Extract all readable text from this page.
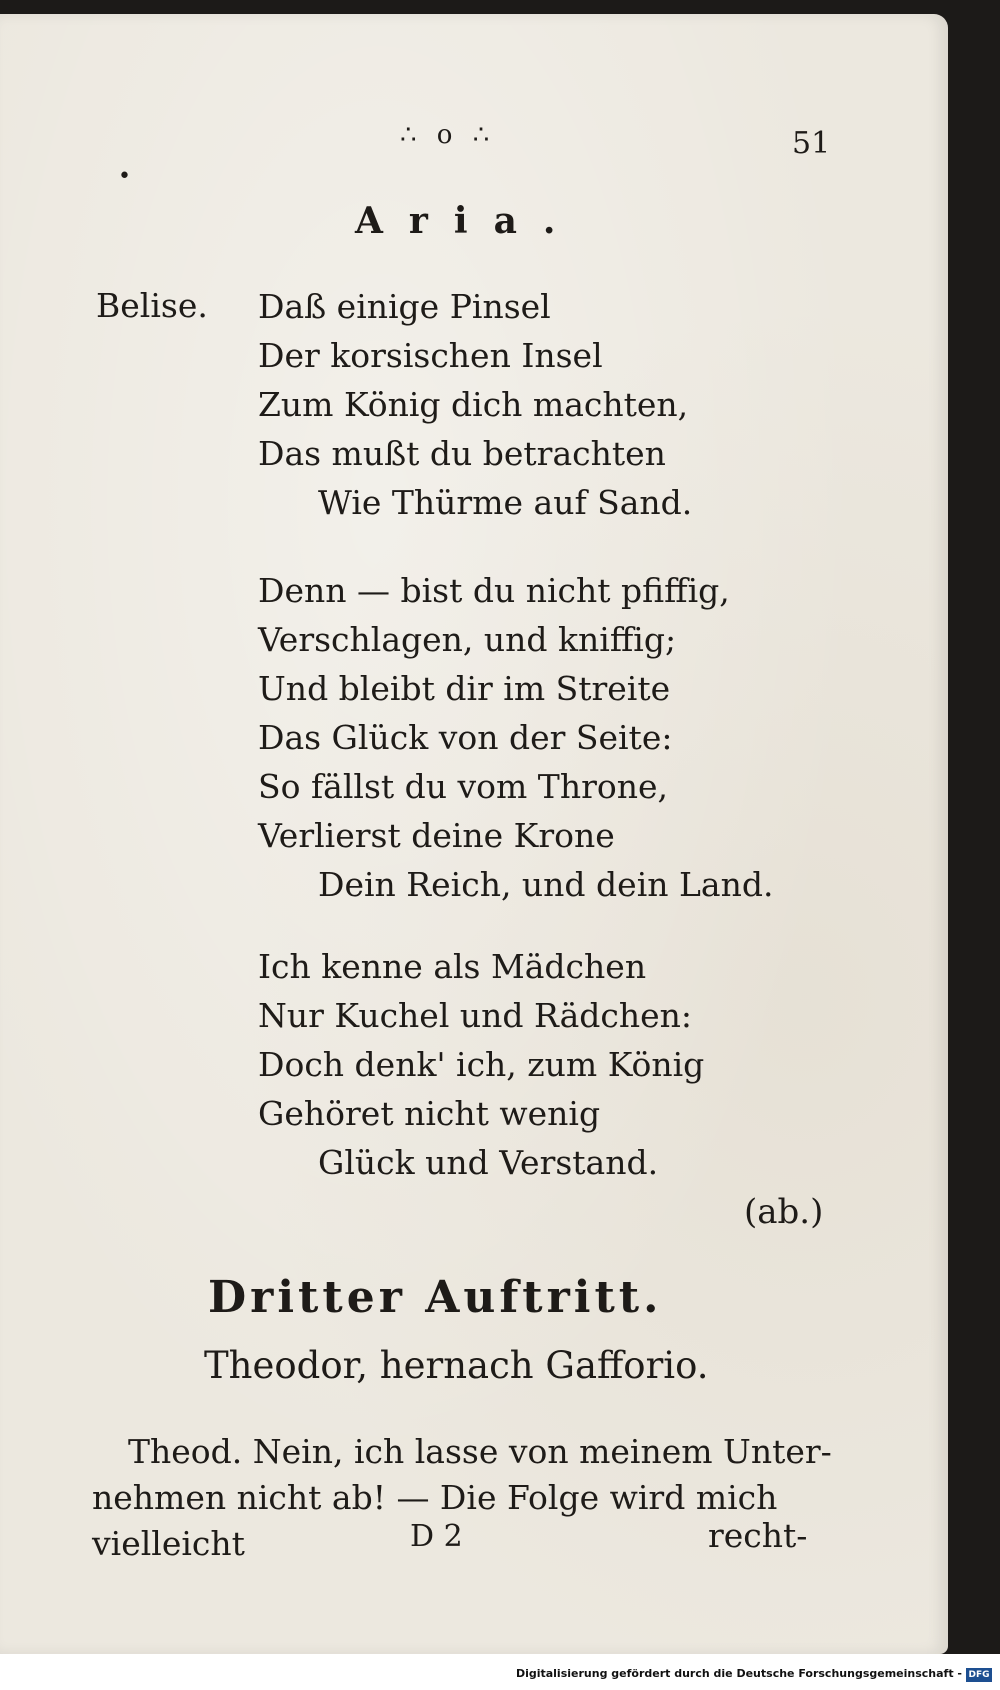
∴ o ∴	51
•
Aria.
Belise. Daß einige Pinsel
Der korsischen Insel
Zum König dich machten,
Das mußt du betrachten
Wie Thürme auf Sand.
Denn — bist du nicht pfiffig,
Verschlagen, und kniffig;
Und bleibt dir im Streite
Das Glück von der Seite:
So fällst du vom Throne,
Verlierst deine Krone
Dein Reich, und dein Land.
Ich kenne als Mädchen
Nur Kuchel und Rädchen:
Doch denk' ich, zum König
Gehöret nicht wenig
Glück und Verstand.
(ab.)
Dritter Auftritt.
Theodor, hernach Gafforio.
Theod. Nein, ich lasse von meinem Unter-
nehmen nicht ab! — Die Folge wird mich vielleicht	D 2	recht-
Digitalisierung gefördert durch die Deutsche Forschungsgemeinschaft - DFG
